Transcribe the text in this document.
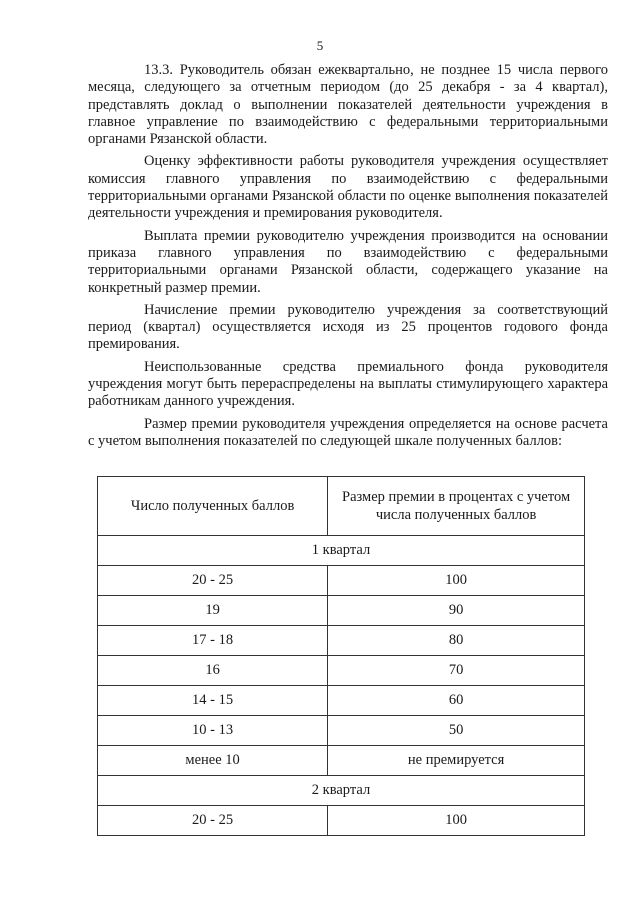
5

13.3. Руководитель обязан ежеквартально, не позднее 15 числа первого месяца, следующего за отчетным периодом (до 25 декабря - за 4 квартал), представлять доклад о выполнении показателей деятельности учреждения в главное управление по взаимодействию с федеральными территориальными органами Рязанской области.

Оценку эффективности работы руководителя учреждения осуществляет комиссия главного управления по взаимодействию с федеральными территориальными органами Рязанской области по оценке выполнения показателей деятельности учреждения и премирования руководителя.

Выплата премии руководителю учреждения производится на основании приказа главного управления по взаимодействию с федеральными территориальными органами Рязанской области, содержащего указание на конкретный размер премии.

Начисление премии руководителю учреждения за соответствующий период (квартал) осуществляется исходя из 25 процентов годового фонда премирования.

Неиспользованные средства премиального фонда руководителя учреждения могут быть перераспределены на выплаты стимулирующего характера работникам данного учреждения.

Размер премии руководителя учреждения определяется на основе расчета с учетом выполнения показателей по следующей шкале полученных баллов:

Число полученных баллов	Размер премии в процентах с учетом числа полученных баллов
1 квартал	
20 - 25	100
19	90
17 - 18	80
16	70
14 - 15	60
10 - 13	50
менее 10	не премируется
2 квартал	
20 - 25	100
